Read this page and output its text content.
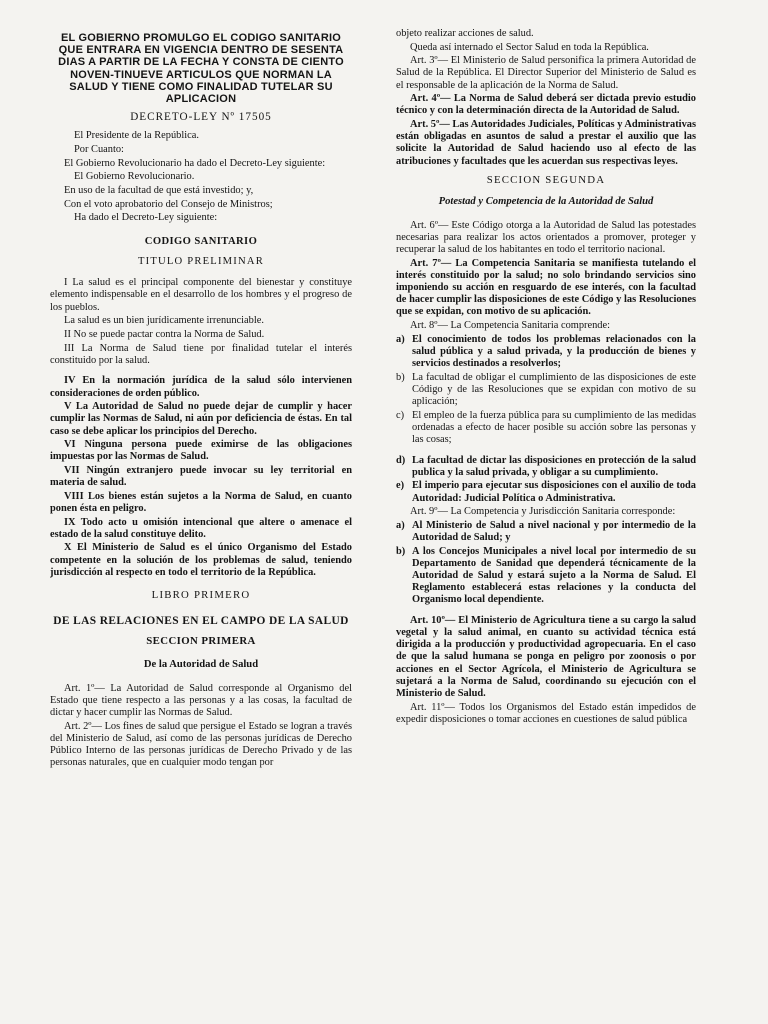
EL GOBIERNO PROMULGO EL CODIGO SANITARIO QUE ENTRARA EN VIGENCIA DENTRO DE SESENTA DIAS A PARTIR DE LA FECHA Y CONSTA DE CIENTO NOVEN-TINUEVE ARTICULOS QUE NORMAN LA SALUD Y TIENE COMO FINALIDAD TUTELAR SU APLICACION

DECRETO-LEY Nº 17505

El Presidente de la República.

Por Cuanto:

El Gobierno Revolucionario ha dado el Decreto-Ley siguiente:

El Gobierno Revolucionario.

En uso de la facultad de que está investido; y,

Con el voto aprobatorio del Consejo de Ministros;

Ha dado el Decreto-Ley siguiente:

CODIGO SANITARIO

TITULO PRELIMINAR

I La salud es el principal componente del bienestar y constituye elemento indispensable en el desarrollo de los hombres y el progreso de los pueblos.

La salud es un bien jurídicamente irrenunciable.

II No se puede pactar contra la Norma de Salud.

III La Norma de Salud tiene por finalidad tutelar el interés constituido por la salud.

IV En la normación jurídica de la salud sólo intervienen consideraciones de orden público.

V La Autoridad de Salud no puede dejar de cumplir y hacer cumplir las Normas de Salud, ni aún por deficiencia de éstas. En tal caso se debe aplicar los principios del Derecho.

VI Ninguna persona puede eximirse de las obligaciones impuestas por las Normas de Salud.

VII Ningún extranjero puede invocar su ley territorial en materia de salud.

VIII Los bienes están sujetos a la Norma de Salud, en cuanto ponen ésta en peligro.

IX Todo acto u omisión intencional que altere o amenace el estado de la salud constituye delito.

X El Ministerio de Salud es el único Organismo del Estado competente en la solución de los problemas de salud, teniendo jurisdicción al respecto en todo el territorio de la República.

LIBRO PRIMERO

DE LAS RELACIONES EN EL CAMPO DE LA SALUD

SECCION PRIMERA

De la Autoridad de Salud

Art. 1º— La Autoridad de Salud corresponde al Organismo del Estado que tiene respecto a las personas y a las cosas, la facultad de dictar y hacer cumplir las Normas de Salud.

Art. 2º— Los fines de salud que persigue el Estado se logran a través del Ministerio de Salud, así como de las personas jurídicas de Derecho Público Interno de las personas jurídicas de Derecho Privado y de las personas naturales, que en cualquier modo tengan por

objeto realizar acciones de salud.

Queda así internado el Sector Salud en toda la República.

Art. 3º— El Ministerio de Salud personifica la primera Autoridad de Salud de la República. El Director Superior del Ministerio de Salud es el responsable de la aplicación de la Norma de Salud.

Art. 4º— La Norma de Salud deberá ser dictada previo estudio técnico y con la determinación directa de la Autoridad de Salud.

Art. 5º— Las Autoridades Judiciales, Políticas y Administrativas están obligadas en asuntos de salud a prestar el auxilio que las solicite la Autoridad de Salud haciendo uso al efecto de las atribuciones y facultades que les acuerdan sus respectivas leyes.

SECCION SEGUNDA

Potestad y Competencia de la Autoridad de Salud

Art. 6º— Este Código otorga a la Autoridad de Salud las potestades necesarias para realizar los actos orientados a promover, proteger y recuperar la salud de los habitantes en todo el territorio nacional.

Art. 7º— La Competencia Sanitaria se manifiesta tutelando el interés constituido por la salud; no solo brindando servicios sino imponiendo su acción en resguardo de ese interés, con la facultad de hacer cumplir las disposiciones de este Código y las Resoluciones que se expidan, con motivo de su aplicación.

Art. 8º— La Competencia Sanitaria comprende:

a) El conocimiento de todos los problemas relacionados con la salud pública y a salud privada, y la producción de bienes y servicios destinados a resolverlos;
b) La facultad de obligar el cumplimiento de las disposiciones de este Código y de las Resoluciones que se expidan con motivo de su aplicación;
c) El empleo de la fuerza pública para su cumplimiento de las medidas ordenadas a efecto de hacer posible su acción sobre las personas y las cosas;
d) La facultad de dictar las disposiciones en protección de la salud publica y la salud privada, y obligar a su cumplimiento.
e) El imperio para ejecutar sus disposiciones con el auxilio de toda Autoridad: Judicial Política o Administrativa.

Art. 9º— La Competencia y Jurisdicción Sanitaria corresponde:

a) Al Ministerio de Salud a nivel nacional y por intermedio de la Autoridad de Salud; y
b) A los Concejos Municipales a nivel local por intermedio de su Departamento de Sanidad que dependerá técnicamente de la Autoridad de Salud y estará sujeto a la Norma de Salud. El Reglamento establecerá estas relaciones y la conducta del Organismo local dependiente.

Art. 10º— El Ministerio de Agricultura tiene a su cargo la salud vegetal y la salud animal, en cuanto su actividad técnica está dirigida a la producción y productividad agropecuaria. En el caso de que la salud humana se ponga en peligro por zoonosis o por acciones en el Sector Agrícola, el Ministerio de Agricultura se sujetará a la Norma de Salud, coordinando su ejecución con el Ministerio de Salud.

Art. 11º— Todos los Organismos del Estado están impedidos de expedir disposiciones o tomar acciones en cuestiones de salud pública
